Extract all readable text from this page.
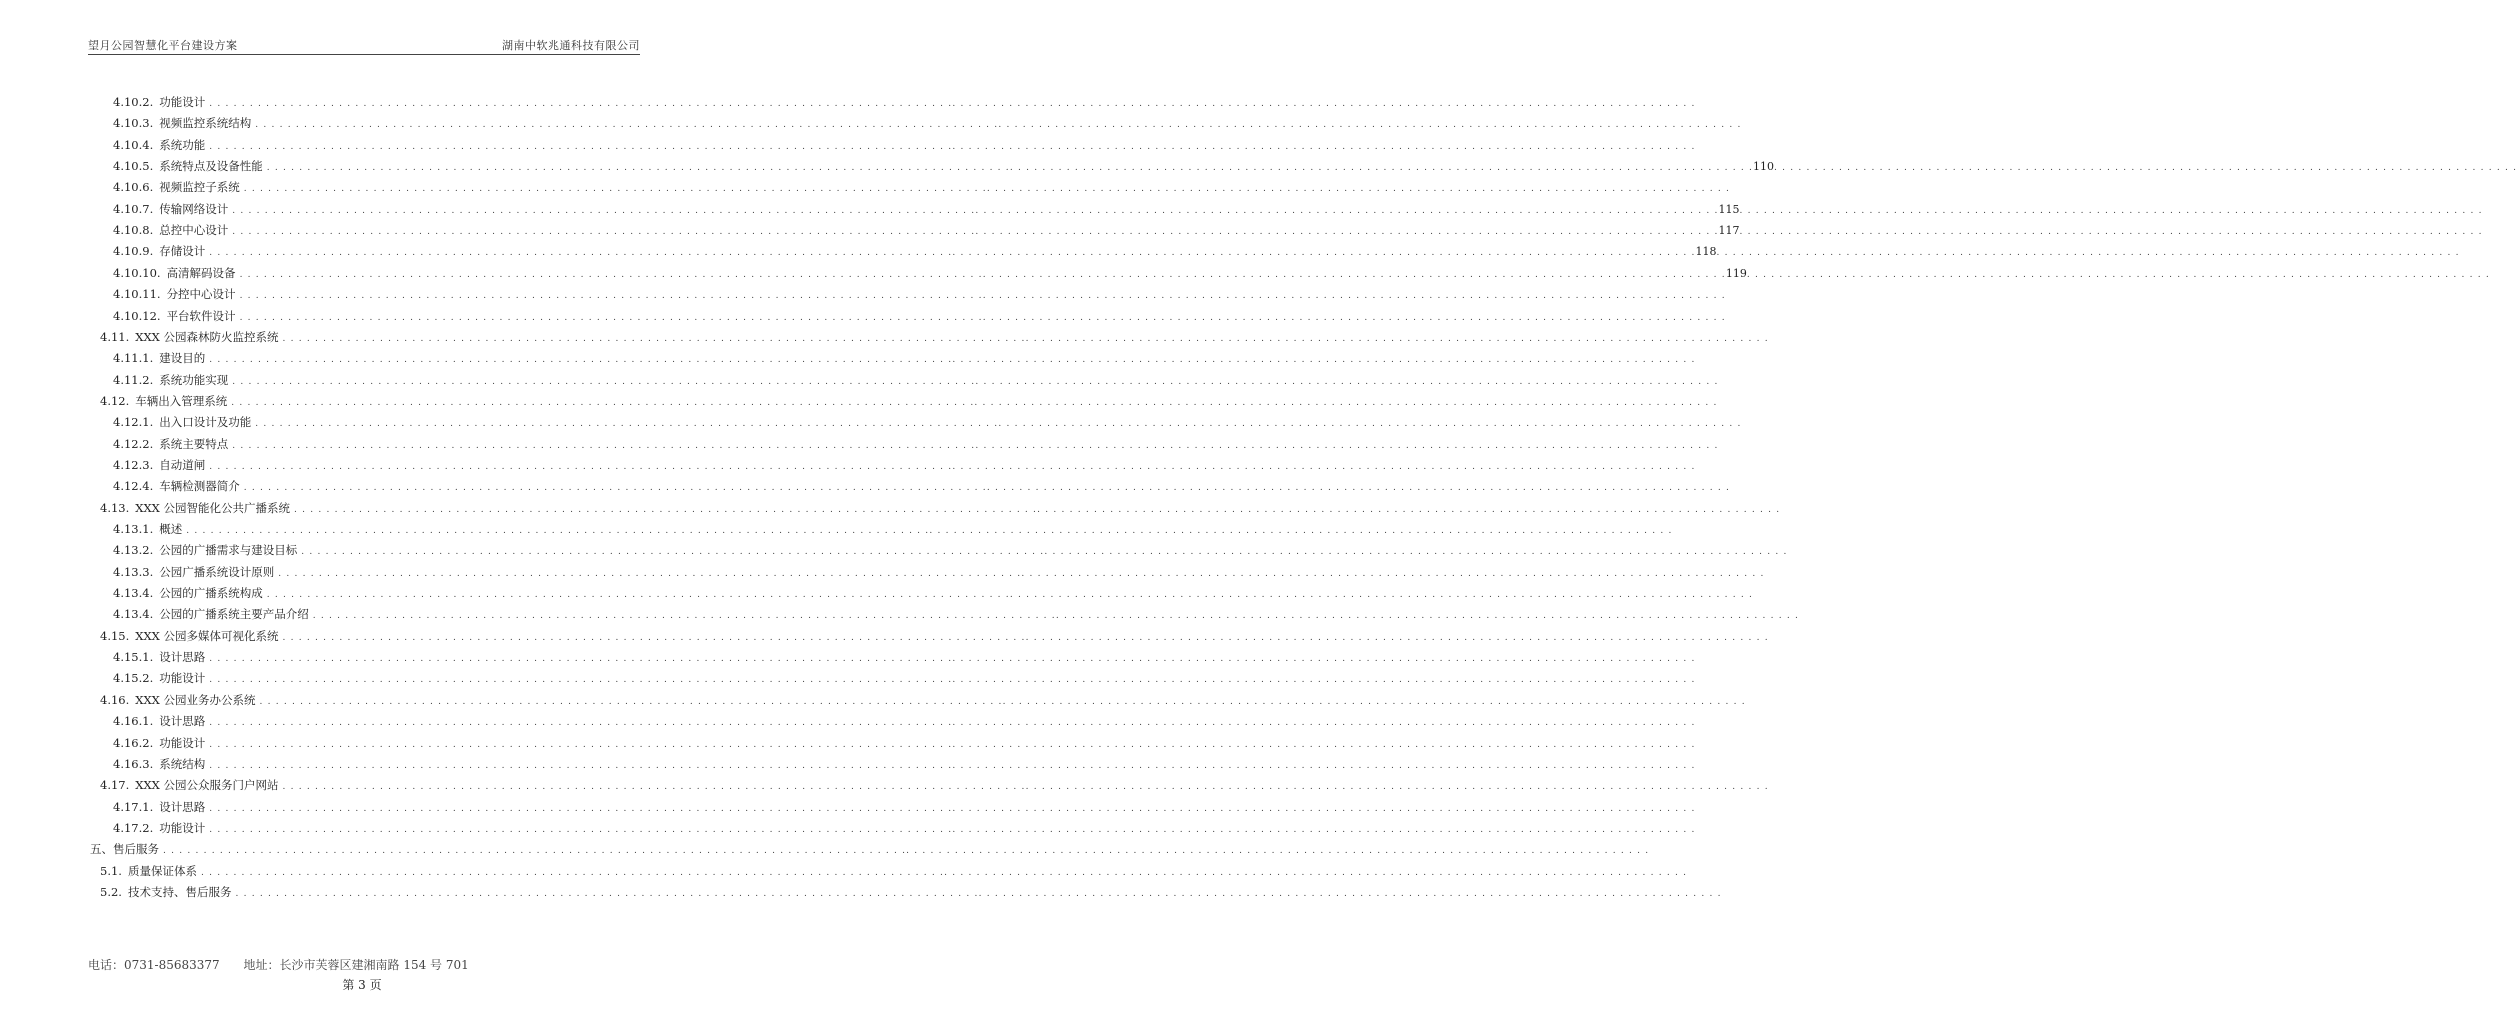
望月公园智慧化平台建设方案	湖南中软兆通科技有限公司
4.10.2. 功能设计 . . . . . . . . . . . . . . . . . . . . . . . . . . . . . . . . . . . . . . . . . . . . . . . . . . . . . . . . . . . . . . . . . . . . . . . . . . . . . . . . . . . . . . . . . . . .. . . . . . . . . . . . . . . . . . . . . . . . . . . . . . . . . . . . . . . . . . . . . . . . . . . . . . . . . . . . . . . . . . . . . . . . . . . . . . . . . . . . . . . . . . . .
4.10.3. 视频监控系统结构 . . . . . . . . . . . . . . . . . . . . . . . . . . . . . . . . . . . . . . . . . . . . . . . . . . . . . . . . . . . . . . . . . . . . . . . . . . . . . . . . . . . . . . . . . . . .. . . . . . . . . . . . . . . . . . . . . . . . . . . . . . . . . . . . . . . . . . . . . . . . . . . . . . . . . . . . . . . . . . . . . . . . . . . . . . . . . . . . . . . . . . . .
4.10.4. 系统功能 . . . . . . . . . . . . . . . . . . . . . . . . . . . . . . . . . . . . . . . . . . . . . . . . . . . . . . . . . . . . . . . . . . . . . . . . . . . . . . . . . . . . . . . . . . . .. . . . . . . . . . . . . . . . . . . . . . . . . . . . . . . . . . . . . . . . . . . . . . . . . . . . . . . . . . . . . . . . . . . . . . . . . . . . . . . . . . . . . . . . . . . .
4.10.5. 系统特点及设备性能 . . . . . . . . . . . . . . . . . . . . . . . . . . . . . . . . . . . . . . . . . . . . . . . . . . . . . . . . . . . . . . . . . . . . . . . . . . . . . . . . . . . . . . . . . . . .. . . . . . . . . . . . . . . . . . . . . . . . . . . . . . . . . . . . . . . . . . . . . . . . . . . . . . . . . . . . . . . . . . . . . . . . . . . . . . . . . . . . . . . . . . . . 110 . . . . . . . . . . . . . . . . . . . . . . . . . . . . . . . . . . . . . . . . . . . . . . . . . . . . . . . . . . . . . . . . . . . . . . . . . . . . . . . . . . . . . . . . . . . .
4.10.6. 视频监控子系统 . . . . . . . . . . . . . . . . . . . . . . . . . . . . . . . . . . . . . . . . . . . . . . . . . . . . . . . . . . . . . . . . . . . . . . . . . . . . . . . . . . . . . . . . . . . .. . . . . . . . . . . . . . . . . . . . . . . . . . . . . . . . . . . . . . . . . . . . . . . . . . . . . . . . . . . . . . . . . . . . . . . . . . . . . . . . . . . . . . . . . . . .
4.10.7. 传输网络设计 . . . . . . . . . . . . . . . . . . . . . . . . . . . . . . . . . . . . . . . . . . . . . . . . . . . . . . . . . . . . . . . . . . . . . . . . . . . . . . . . . . . . . . . . . . . .. . . . . . . . . . . . . . . . . . . . . . . . . . . . . . . . . . . . . . . . . . . . . . . . . . . . . . . . . . . . . . . . . . . . . . . . . . . . . . . . . . . . . . . . . . . . 115 . . . . . . . . . . . . . . . . . . . . . . . . . . . . . . . . . . . . . . . . . . . . . . . . . . . . . . . . . . . . . . . . . . . . . . . . . . . . . . . . . . . . . . . . . . . .
4.10.8. 总控中心设计 . . . . . . . . . . . . . . . . . . . . . . . . . . . . . . . . . . . . . . . . . . . . . . . . . . . . . . . . . . . . . . . . . . . . . . . . . . . . . . . . . . . . . . . . . . . .. . . . . . . . . . . . . . . . . . . . . . . . . . . . . . . . . . . . . . . . . . . . . . . . . . . . . . . . . . . . . . . . . . . . . . . . . . . . . . . . . . . . . . . . . . . . 117 . . . . . . . . . . . . . . . . . . . . . . . . . . . . . . . . . . . . . . . . . . . . . . . . . . . . . . . . . . . . . . . . . . . . . . . . . . . . . . . . . . . . . . . . . . . .
4.10.9. 存储设计 . . . . . . . . . . . . . . . . . . . . . . . . . . . . . . . . . . . . . . . . . . . . . . . . . . . . . . . . . . . . . . . . . . . . . . . . . . . . . . . . . . . . . . . . . . . .. . . . . . . . . . . . . . . . . . . . . . . . . . . . . . . . . . . . . . . . . . . . . . . . . . . . . . . . . . . . . . . . . . . . . . . . . . . . . . . . . . . . . . . . . . . . 118 . . . . . . . . . . . . . . . . . . . . . . . . . . . . . . . . . . . . . . . . . . . . . . . . . . . . . . . . . . . . . . . . . . . . . . . . . . . . . . . . . . . . . . . . . . . .
4.10.10. 高清解码设备 . . . . . . . . . . . . . . . . . . . . . . . . . . . . . . . . . . . . . . . . . . . . . . . . . . . . . . . . . . . . . . . . . . . . . . . . . . . . . . . . . . . . . . . . . . . .. . . . . . . . . . . . . . . . . . . . . . . . . . . . . . . . . . . . . . . . . . . . . . . . . . . . . . . . . . . . . . . . . . . . . . . . . . . . . . . . . . . . . . . . . . . . 119 . . . . . . . . . . . . . . . . . . . . . . . . . . . . . . . . . . . . . . . . . . . . . . . . . . . . . . . . . . . . . . . . . . . . . . . . . . . . . . . . . . . . . . . . . . . .
4.10.11. 分控中心设计 . . . . . . . . . . . . . . . . . . . . . . . . . . . . . . . . . . . . . . . . . . . . . . . . . . . . . . . . . . . . . . . . . . . . . . . . . . . . . . . . . . . . . . . . . . . .. . . . . . . . . . . . . . . . . . . . . . . . . . . . . . . . . . . . . . . . . . . . . . . . . . . . . . . . . . . . . . . . . . . . . . . . . . . . . . . . . . . . . . . . . . . .
4.10.12. 平台软件设计 . . . . . . . . . . . . . . . . . . . . . . . . . . . . . . . . . . . . . . . . . . . . . . . . . . . . . . . . . . . . . . . . . . . . . . . . . . . . . . . . . . . . . . . . . . . .. . . . . . . . . . . . . . . . . . . . . . . . . . . . . . . . . . . . . . . . . . . . . . . . . . . . . . . . . . . . . . . . . . . . . . . . . . . . . . . . . . . . . . . . . . . .
4.11. XXX 公园森林防火监控系统 . . . . . . . . . . . . . . . . . . . . . . . . . . . . . . . . . . . . . . . . . . . . . . . . . . . . . . . . . . . . . . . . . . . . . . . . . . . . . . . . . . . . . . . . . . . .. . . . . . . . . . . . . . . . . . . . . . . . . . . . . . . . . . . . . . . . . . . . . . . . . . . . . . . . . . . . . . . . . . . . . . . . . . . . . . . . . . . . . . . . . . . .
4.11.1. 建设目的 . . . . . . . . . . . . . . . . . . . . . . . . . . . . . . . . . . . . . . . . . . . . . . . . . . . . . . . . . . . . . . . . . . . . . . . . . . . . . . . . . . . . . . . . . . . .. . . . . . . . . . . . . . . . . . . . . . . . . . . . . . . . . . . . . . . . . . . . . . . . . . . . . . . . . . . . . . . . . . . . . . . . . . . . . . . . . . . . . . . . . . . .
4.11.2. 系统功能实现 . . . . . . . . . . . . . . . . . . . . . . . . . . . . . . . . . . . . . . . . . . . . . . . . . . . . . . . . . . . . . . . . . . . . . . . . . . . . . . . . . . . . . . . . . . . .. . . . . . . . . . . . . . . . . . . . . . . . . . . . . . . . . . . . . . . . . . . . . . . . . . . . . . . . . . . . . . . . . . . . . . . . . . . . . . . . . . . . . . . . . . . .
4.12. 车辆出入管理系统 . . . . . . . . . . . . . . . . . . . . . . . . . . . . . . . . . . . . . . . . . . . . . . . . . . . . . . . . . . . . . . . . . . . . . . . . . . . . . . . . . . . . . . . . . . . .. . . . . . . . . . . . . . . . . . . . . . . . . . . . . . . . . . . . . . . . . . . . . . . . . . . . . . . . . . . . . . . . . . . . . . . . . . . . . . . . . . . . . . . . . . . .
4.12.1. 出入口设计及功能 . . . . . . . . . . . . . . . . . . . . . . . . . . . . . . . . . . . . . . . . . . . . . . . . . . . . . . . . . . . . . . . . . . . . . . . . . . . . . . . . . . . . . . . . . . . .. . . . . . . . . . . . . . . . . . . . . . . . . . . . . . . . . . . . . . . . . . . . . . . . . . . . . . . . . . . . . . . . . . . . . . . . . . . . . . . . . . . . . . . . . . . .
4.12.2. 系统主要特点 . . . . . . . . . . . . . . . . . . . . . . . . . . . . . . . . . . . . . . . . . . . . . . . . . . . . . . . . . . . . . . . . . . . . . . . . . . . . . . . . . . . . . . . . . . . .. . . . . . . . . . . . . . . . . . . . . . . . . . . . . . . . . . . . . . . . . . . . . . . . . . . . . . . . . . . . . . . . . . . . . . . . . . . . . . . . . . . . . . . . . . . .
4.12.3. 自动道闸 . . . . . . . . . . . . . . . . . . . . . . . . . . . . . . . . . . . . . . . . . . . . . . . . . . . . . . . . . . . . . . . . . . . . . . . . . . . . . . . . . . . . . . . . . . . .. . . . . . . . . . . . . . . . . . . . . . . . . . . . . . . . . . . . . . . . . . . . . . . . . . . . . . . . . . . . . . . . . . . . . . . . . . . . . . . . . . . . . . . . . . . .
4.12.4. 车辆检测器简介 . . . . . . . . . . . . . . . . . . . . . . . . . . . . . . . . . . . . . . . . . . . . . . . . . . . . . . . . . . . . . . . . . . . . . . . . . . . . . . . . . . . . . . . . . . . .. . . . . . . . . . . . . . . . . . . . . . . . . . . . . . . . . . . . . . . . . . . . . . . . . . . . . . . . . . . . . . . . . . . . . . . . . . . . . . . . . . . . . . . . . . . .
4.13. XXX 公园智能化公共广播系统 . . . . . . . . . . . . . . . . . . . . . . . . . . . . . . . . . . . . . . . . . . . . . . . . . . . . . . . . . . . . . . . . . . . . . . . . . . . . . . . . . . . . . . . . . . . .. . . . . . . . . . . . . . . . . . . . . . . . . . . . . . . . . . . . . . . . . . . . . . . . . . . . . . . . . . . . . . . . . . . . . . . . . . . . . . . . . . . . . . . . . . . .
4.13.1. 概述 . . . . . . . . . . . . . . . . . . . . . . . . . . . . . . . . . . . . . . . . . . . . . . . . . . . . . . . . . . . . . . . . . . . . . . . . . . . . . . . . . . . . . . . . . . . .. . . . . . . . . . . . . . . . . . . . . . . . . . . . . . . . . . . . . . . . . . . . . . . . . . . . . . . . . . . . . . . . . . . . . . . . . . . . . . . . . . . . . . . . . . . .
4.13.2. 公园的广播需求与建设目标 . . . . . . . . . . . . . . . . . . . . . . . . . . . . . . . . . . . . . . . . . . . . . . . . . . . . . . . . . . . . . . . . . . . . . . . . . . . . . . . . . . . . . . . . . . . .. . . . . . . . . . . . . . . . . . . . . . . . . . . . . . . . . . . . . . . . . . . . . . . . . . . . . . . . . . . . . . . . . . . . . . . . . . . . . . . . . . . . . . . . . . . .
4.13.3. 公园广播系统设计原则 . . . . . . . . . . . . . . . . . . . . . . . . . . . . . . . . . . . . . . . . . . . . . . . . . . . . . . . . . . . . . . . . . . . . . . . . . . . . . . . . . . . . . . . . . . . .. . . . . . . . . . . . . . . . . . . . . . . . . . . . . . . . . . . . . . . . . . . . . . . . . . . . . . . . . . . . . . . . . . . . . . . . . . . . . . . . . . . . . . . . . . . .
4.13.4. 公园的广播系统构成 . . . . . . . . . . . . . . . . . . . . . . . . . . . . . . . . . . . . . . . . . . . . . . . . . . . . . . . . . . . . . . . . . . . . . . . . . . . . . . . . . . . . . . . . . . . .. . . . . . . . . . . . . . . . . . . . . . . . . . . . . . . . . . . . . . . . . . . . . . . . . . . . . . . . . . . . . . . . . . . . . . . . . . . . . . . . . . . . . . . . . . . .
4.13.4. 公园的广播系统主要产品介绍 . . . . . . . . . . . . . . . . . . . . . . . . . . . . . . . . . . . . . . . . . . . . . . . . . . . . . . . . . . . . . . . . . . . . . . . . . . . . . . . . . . . . . . . . . . . .. . . . . . . . . . . . . . . . . . . . . . . . . . . . . . . . . . . . . . . . . . . . . . . . . . . . . . . . . . . . . . . . . . . . . . . . . . . . . . . . . . . . . . . . . . . .
4.15. XXX 公园多媒体可视化系统 . . . . . . . . . . . . . . . . . . . . . . . . . . . . . . . . . . . . . . . . . . . . . . . . . . . . . . . . . . . . . . . . . . . . . . . . . . . . . . . . . . . . . . . . . . . .. . . . . . . . . . . . . . . . . . . . . . . . . . . . . . . . . . . . . . . . . . . . . . . . . . . . . . . . . . . . . . . . . . . . . . . . . . . . . . . . . . . . . . . . . . . .
4.15.1. 设计思路 . . . . . . . . . . . . . . . . . . . . . . . . . . . . . . . . . . . . . . . . . . . . . . . . . . . . . . . . . . . . . . . . . . . . . . . . . . . . . . . . . . . . . . . . . . . .. . . . . . . . . . . . . . . . . . . . . . . . . . . . . . . . . . . . . . . . . . . . . . . . . . . . . . . . . . . . . . . . . . . . . . . . . . . . . . . . . . . . . . . . . . . .
4.15.2. 功能设计 . . . . . . . . . . . . . . . . . . . . . . . . . . . . . . . . . . . . . . . . . . . . . . . . . . . . . . . . . . . . . . . . . . . . . . . . . . . . . . . . . . . . . . . . . . . .. . . . . . . . . . . . . . . . . . . . . . . . . . . . . . . . . . . . . . . . . . . . . . . . . . . . . . . . . . . . . . . . . . . . . . . . . . . . . . . . . . . . . . . . . . . .
4.16. XXX 公园业务办公系统 . . . . . . . . . . . . . . . . . . . . . . . . . . . . . . . . . . . . . . . . . . . . . . . . . . . . . . . . . . . . . . . . . . . . . . . . . . . . . . . . . . . . . . . . . . . .. . . . . . . . . . . . . . . . . . . . . . . . . . . . . . . . . . . . . . . . . . . . . . . . . . . . . . . . . . . . . . . . . . . . . . . . . . . . . . . . . . . . . . . . . . . .
4.16.1. 设计思路 . . . . . . . . . . . . . . . . . . . . . . . . . . . . . . . . . . . . . . . . . . . . . . . . . . . . . . . . . . . . . . . . . . . . . . . . . . . . . . . . . . . . . . . . . . . .. . . . . . . . . . . . . . . . . . . . . . . . . . . . . . . . . . . . . . . . . . . . . . . . . . . . . . . . . . . . . . . . . . . . . . . . . . . . . . . . . . . . . . . . . . . .
4.16.2. 功能设计 . . . . . . . . . . . . . . . . . . . . . . . . . . . . . . . . . . . . . . . . . . . . . . . . . . . . . . . . . . . . . . . . . . . . . . . . . . . . . . . . . . . . . . . . . . . .. . . . . . . . . . . . . . . . . . . . . . . . . . . . . . . . . . . . . . . . . . . . . . . . . . . . . . . . . . . . . . . . . . . . . . . . . . . . . . . . . . . . . . . . . . . .
4.16.3. 系统结构 . . . . . . . . . . . . . . . . . . . . . . . . . . . . . . . . . . . . . . . . . . . . . . . . . . . . . . . . . . . . . . . . . . . . . . . . . . . . . . . . . . . . . . . . . . . .. . . . . . . . . . . . . . . . . . . . . . . . . . . . . . . . . . . . . . . . . . . . . . . . . . . . . . . . . . . . . . . . . . . . . . . . . . . . . . . . . . . . . . . . . . . .
4.17. XXX 公园公众服务门户网站 . . . . . . . . . . . . . . . . . . . . . . . . . . . . . . . . . . . . . . . . . . . . . . . . . . . . . . . . . . . . . . . . . . . . . . . . . . . . . . . . . . . . . . . . . . . .. . . . . . . . . . . . . . . . . . . . . . . . . . . . . . . . . . . . . . . . . . . . . . . . . . . . . . . . . . . . . . . . . . . . . . . . . . . . . . . . . . . . . . . . . . . .
4.17.1. 设计思路 . . . . . . . . . . . . . . . . . . . . . . . . . . . . . . . . . . . . . . . . . . . . . . . . . . . . . . . . . . . . . . . . . . . . . . . . . . . . . . . . . . . . . . . . . . . .. . . . . . . . . . . . . . . . . . . . . . . . . . . . . . . . . . . . . . . . . . . . . . . . . . . . . . . . . . . . . . . . . . . . . . . . . . . . . . . . . . . . . . . . . . . .
4.17.2. 功能设计 . . . . . . . . . . . . . . . . . . . . . . . . . . . . . . . . . . . . . . . . . . . . . . . . . . . . . . . . . . . . . . . . . . . . . . . . . . . . . . . . . . . . . . . . . . . .. . . . . . . . . . . . . . . . . . . . . . . . . . . . . . . . . . . . . . . . . . . . . . . . . . . . . . . . . . . . . . . . . . . . . . . . . . . . . . . . . . . . . . . . . . . .
五、 售后服务 . . . . . . . . . . . . . . . . . . . . . . . . . . . . . . . . . . . . . . . . . . . . . . . . . . . . . . . . . . . . . . . . . . . . . . . . . . . . . . . . . . . . . . . . . . . .. . . . . . . . . . . . . . . . . . . . . . . . . . . . . . . . . . . . . . . . . . . . . . . . . . . . . . . . . . . . . . . . . . . . . . . . . . . . . . . . . . . . . . . . . . . .
5.1. 质量保证体系 . . . . . . . . . . . . . . . . . . . . . . . . . . . . . . . . . . . . . . . . . . . . . . . . . . . . . . . . . . . . . . . . . . . . . . . . . . . . . . . . . . . . . . . . . . . .. . . . . . . . . . . . . . . . . . . . . . . . . . . . . . . . . . . . . . . . . . . . . . . . . . . . . . . . . . . . . . . . . . . . . . . . . . . . . . . . . . . . . . . . . . . .
5.2. 技术支持、售后服务 . . . . . . . . . . . . . . . . . . . . . . . . . . . . . . . . . . . . . . . . . . . . . . . . . . . . . . . . . . . . . . . . . . . . . . . . . . . . . . . . . . . . . . . . . . . .. . . . . . . . . . . . . . . . . . . . . . . . . . . . . . . . . . . . . . . . . . . . . . . . . . . . . . . . . . . . . . . . . . . . . . . . . . . . . . . . . . . . . . . . . . . .
电话：0731-85683377 地址：长沙市芙蓉区建湘南路 154 号 701
第 3 页
